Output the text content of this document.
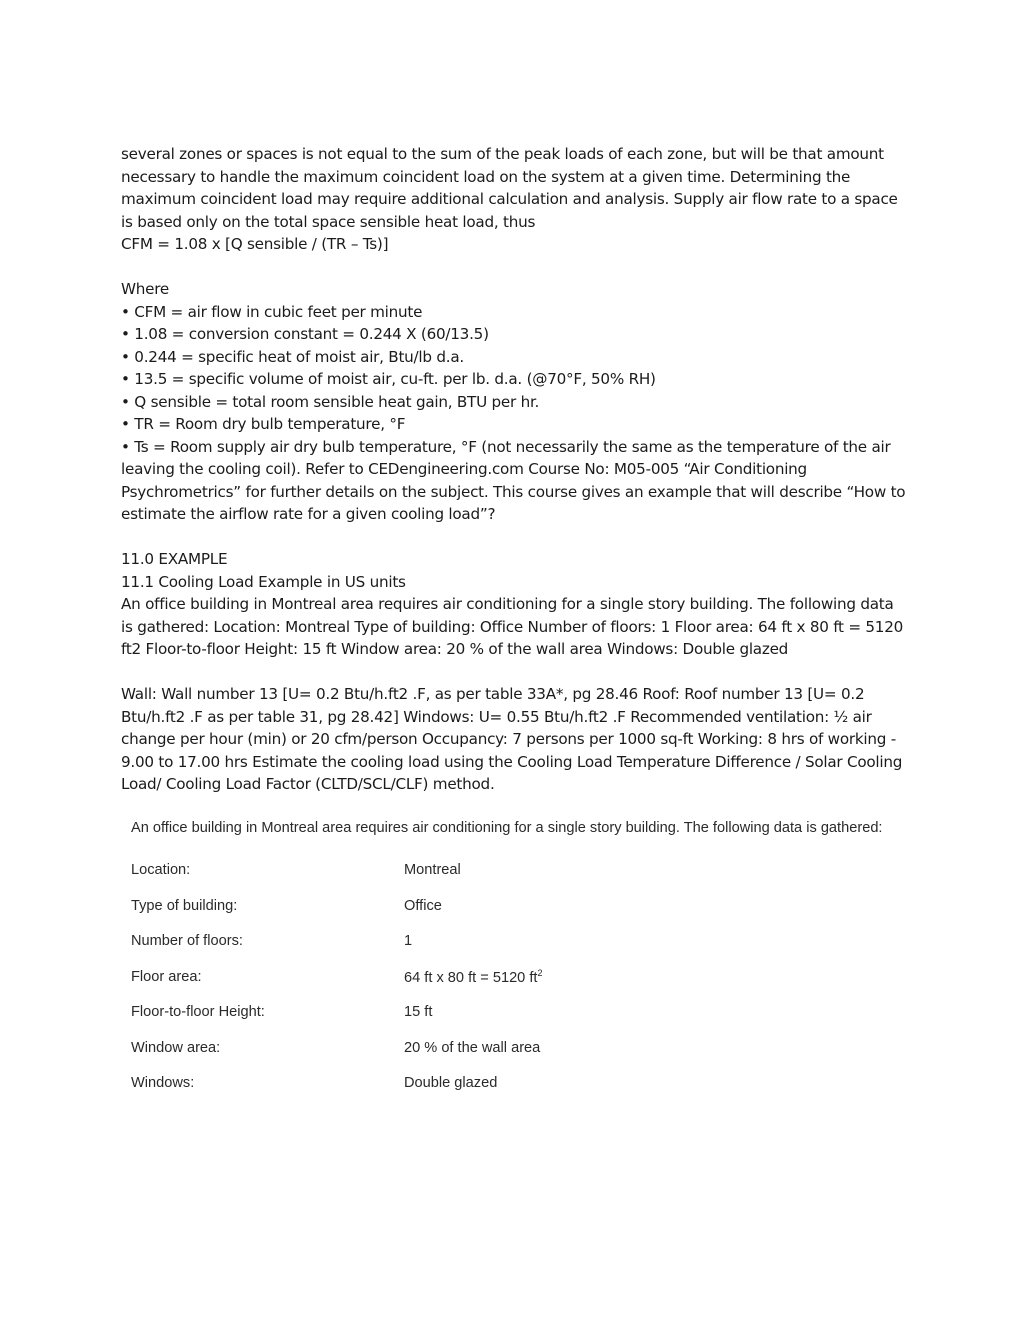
several zones or spaces is not equal to the sum of the peak loads of each zone, but will be that amount necessary to handle the maximum coincident load on the system at a given time. Determining the maximum coincident load may require additional calculation and analysis. Supply air flow rate to a space is based only on the total space sensible heat load, thus

CFM = 1.08 x [Q sensible / (TR – Ts)]

Where

• CFM = air flow in cubic feet per minute

• 1.08 = conversion constant = 0.244 X (60/13.5)

• 0.244 = specific heat of moist air, Btu/lb d.a.

• 13.5 = specific volume of moist air, cu-ft. per lb. d.a. (@70°F, 50% RH)

• Q sensible = total room sensible heat gain, BTU per hr.

• TR = Room dry bulb temperature, °F

• Ts = Room supply air dry bulb temperature, °F (not necessarily the same as the temperature of the air leaving the cooling coil). Refer to CEDengineering.com Course No: M05-005 “Air Conditioning Psychrometrics” for further details on the subject. This course gives an example that will describe “How to estimate the airflow rate for a given cooling load”?

11.0 EXAMPLE

11.1 Cooling Load Example in US units

An office building in Montreal area requires air conditioning for a single story building. The following data is gathered: Location: Montreal Type of building: Office Number of floors: 1 Floor area: 64 ft x 80 ft = 5120 ft2 Floor-to-floor Height: 15 ft Window area: 20 % of the wall area Windows: Double glazed

Wall: Wall number 13 [U= 0.2 Btu/h.ft2 .F, as per table 33A*, pg 28.46 Roof: Roof number 13 [U= 0.2 Btu/h.ft2 .F as per table 31, pg 28.42] Windows: U= 0.55 Btu/h.ft2 .F Recommended ventilation: ½ air change per hour (min) or 20 cfm/person Occupancy: 7 persons per 1000 sq-ft Working: 8 hrs of working - 9.00 to 17.00 hrs Estimate the cooling load using the Cooling Load Temperature Difference / Solar Cooling Load/ Cooling Load Factor (CLTD/SCL/CLF) method.

An office building in Montreal area requires air conditioning for a single story building. The following data is gathered:

Location:	Montreal
Type of building:	Office
Number of floors:	1
Floor area:	64 ft x 80 ft = 5120 $ft^2$
Floor-to-floor Height:	15 ft
Window area:	20 % of the wall area
Windows:	Double glazed
